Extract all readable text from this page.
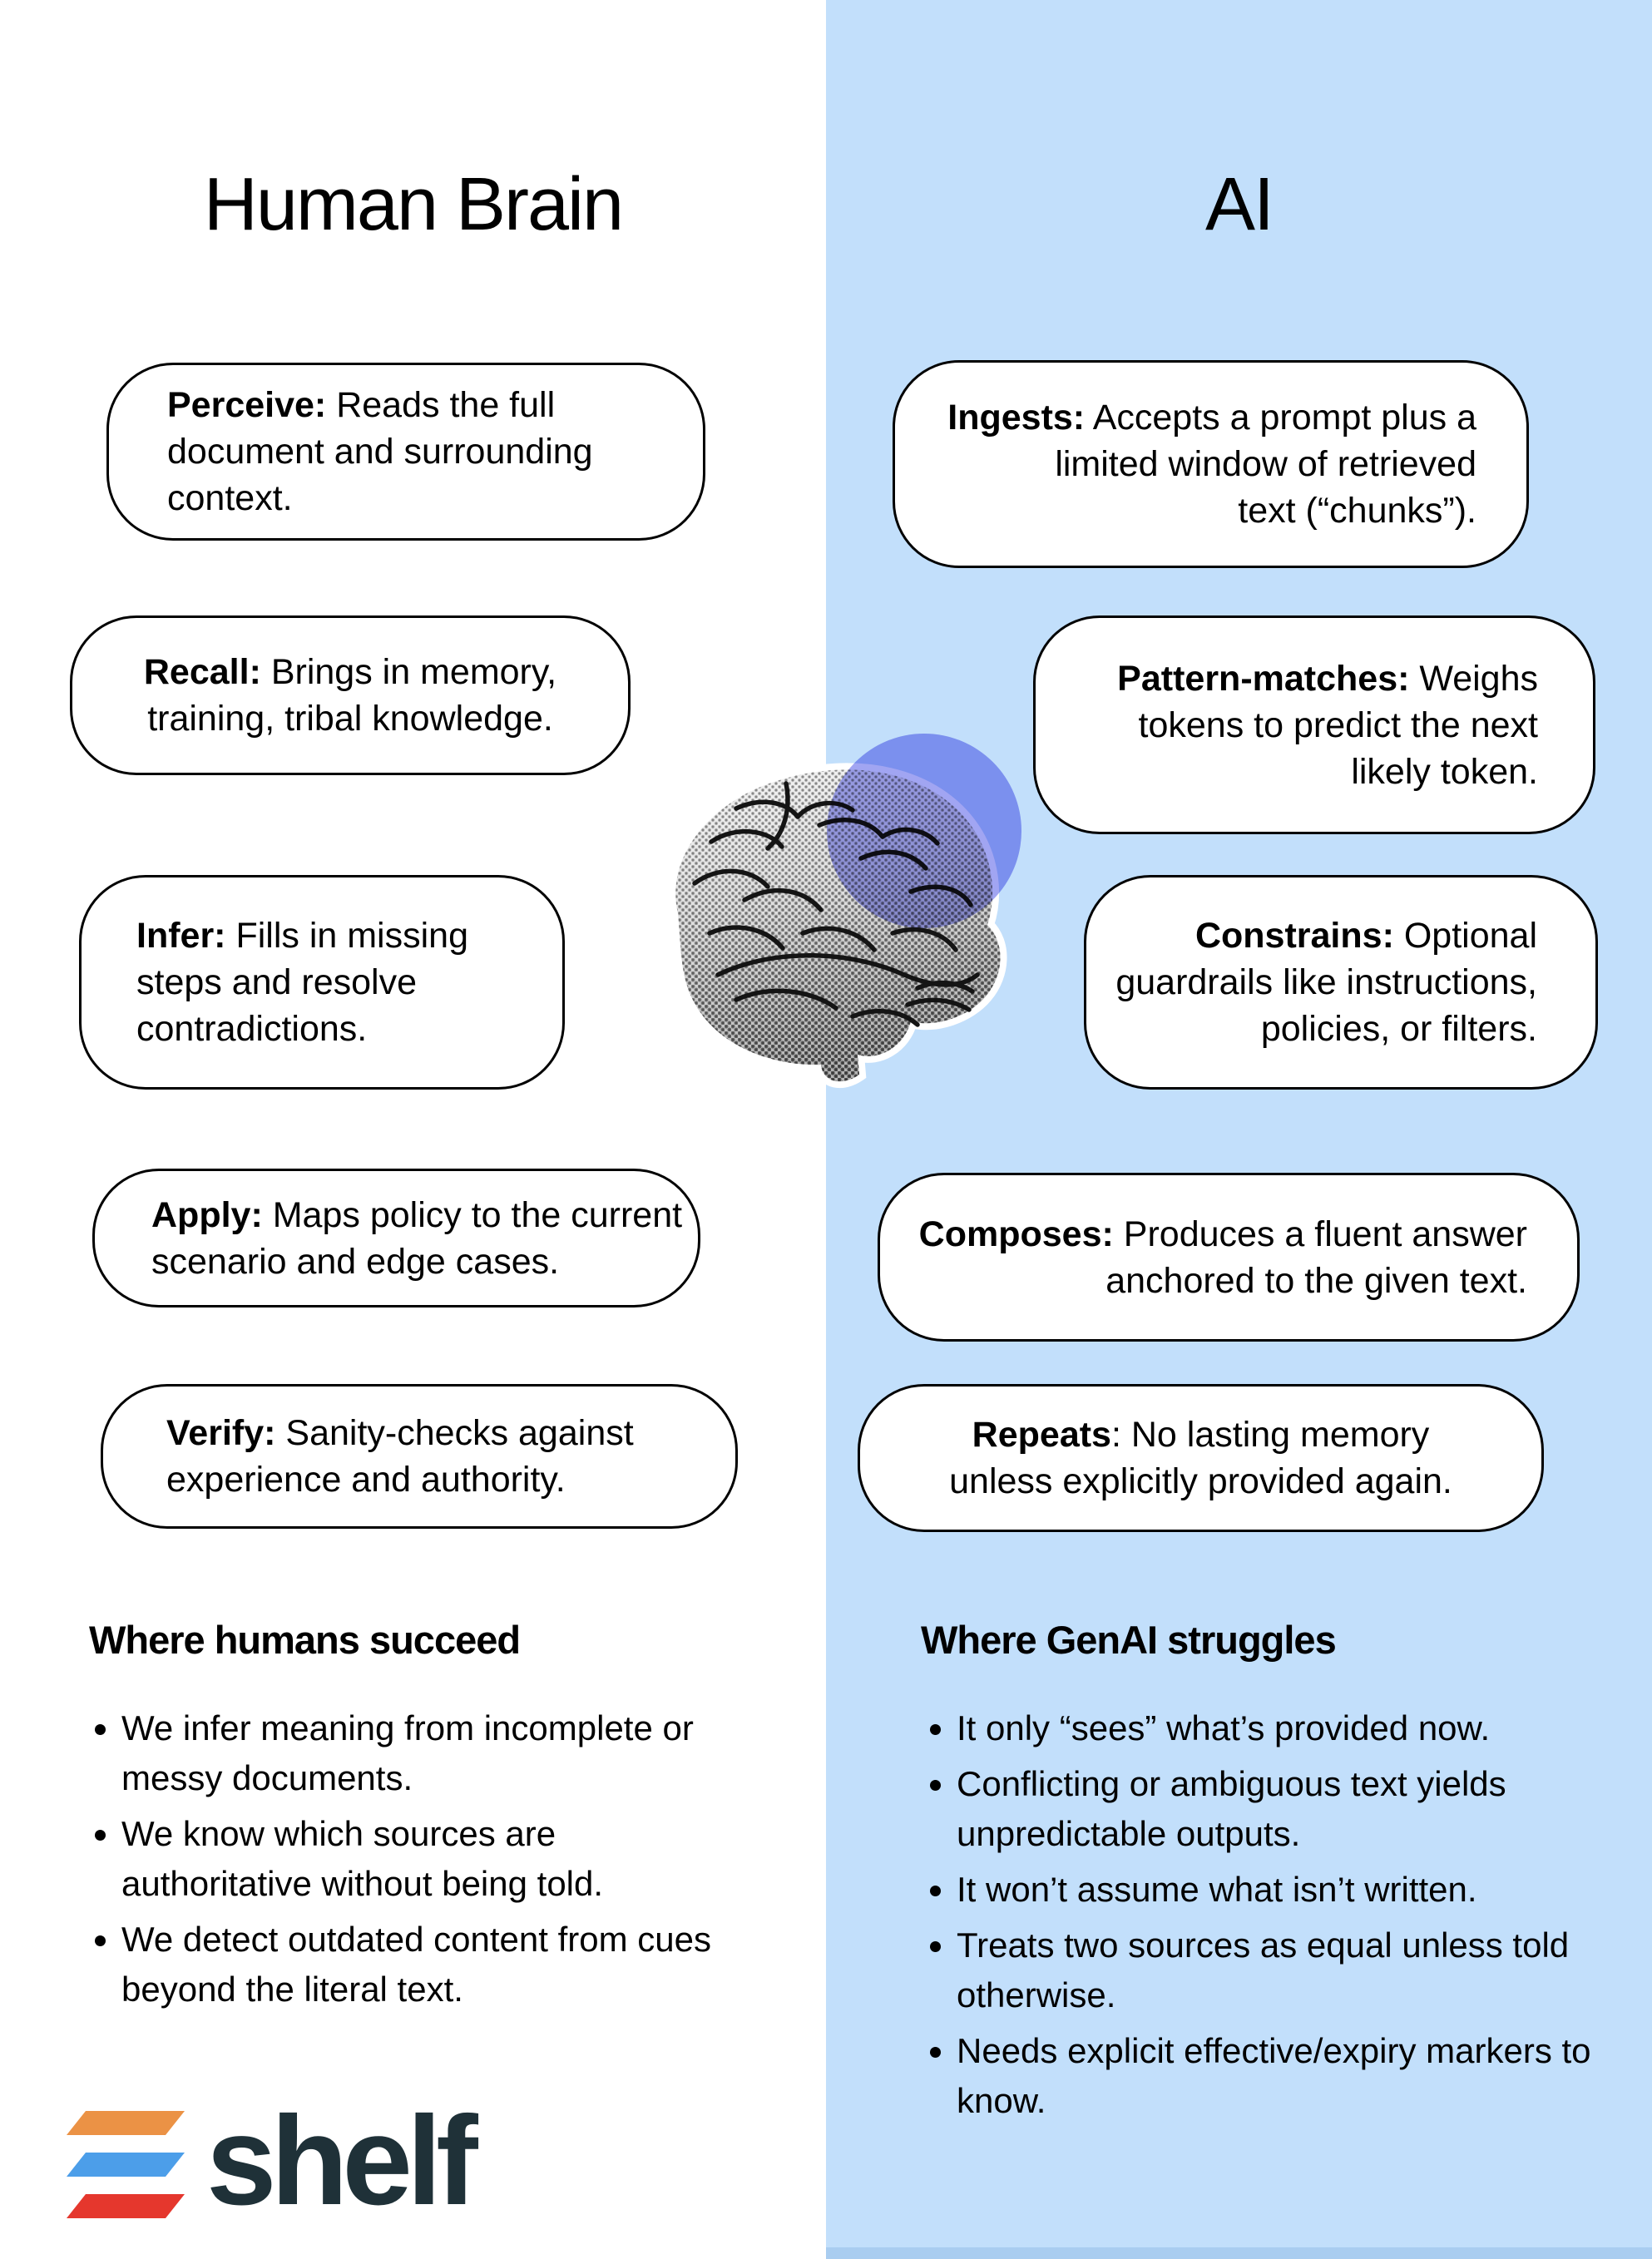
Human Brain	AI
Perceive: Reads the full
document and surrounding
context.
Recall: Brings in memory,
training, tribal knowledge.
Infer: Fills in missing
steps and resolve
contradictions.
Apply: Maps policy to the current
scenario and edge cases.
Verify: Sanity-checks against
experience and authority.
Ingests: Accepts a prompt plus a
limited window of retrieved
text (“chunks”).
Pattern-matches: Weighs
tokens to predict the next
likely token.
Constrains: Optional
guardrails like instructions,
policies, or filters.
Composes: Produces a fluent answer
anchored to the given text.
Repeats: No lasting memory
unless explicitly provided again.
Where humans succeed	Where GenAI struggles
• We infer meaning from incomplete or messy documents.
• We know which sources are authoritative without being told.
• We detect outdated content from cues beyond the literal text.
• It only “sees” what’s provided now.
• Conflicting or ambiguous text yields unpredictable outputs.
• It won’t assume what isn’t written.
• Treats two sources as equal unless told otherwise.
• Needs explicit effective/expiry markers to know.
shelf
